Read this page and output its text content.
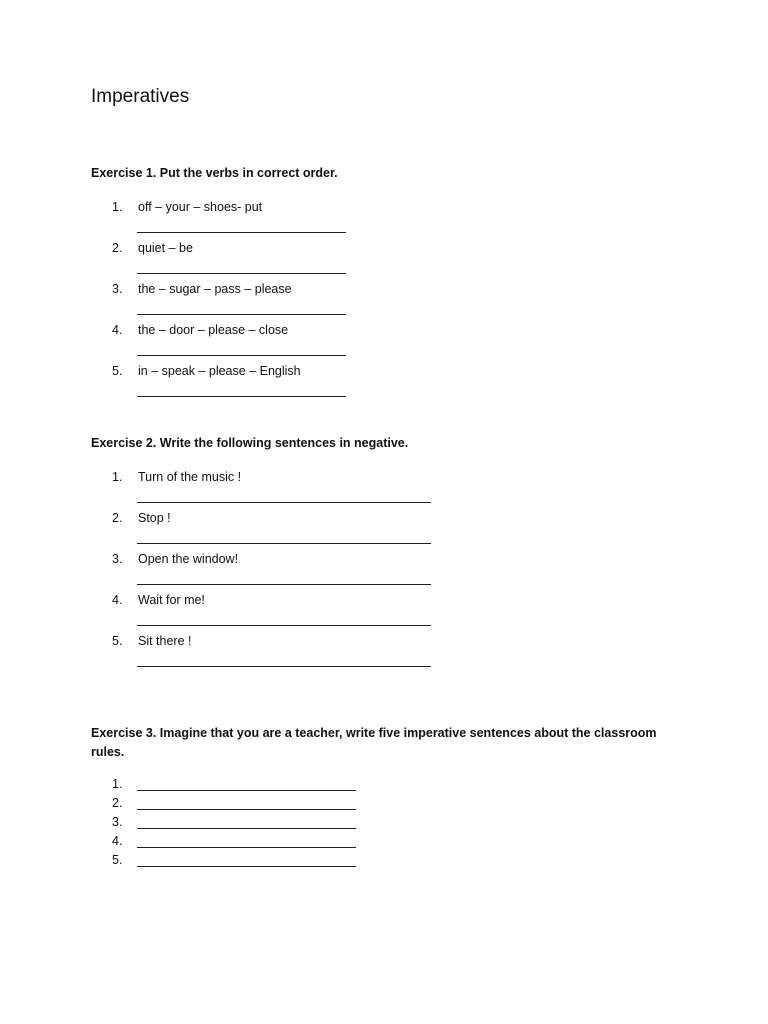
Imperatives

Exercise 1. Put the verbs in correct order.

1.	off – your – shoes- put
2.	quiet – be
3.	the – sugar – pass – please
4.	the – door – please – close
5.	in – speak – please – English

Exercise 2. Write the following sentences in negative.

1.	Turn of the music !
2.	Stop !
3.	Open the window!
4.	Wait for me!
5.	Sit there !

Exercise 3. Imagine that you are a teacher, write five imperative sentences about the classroom rules.

1.
2.
3.
4.
5.
